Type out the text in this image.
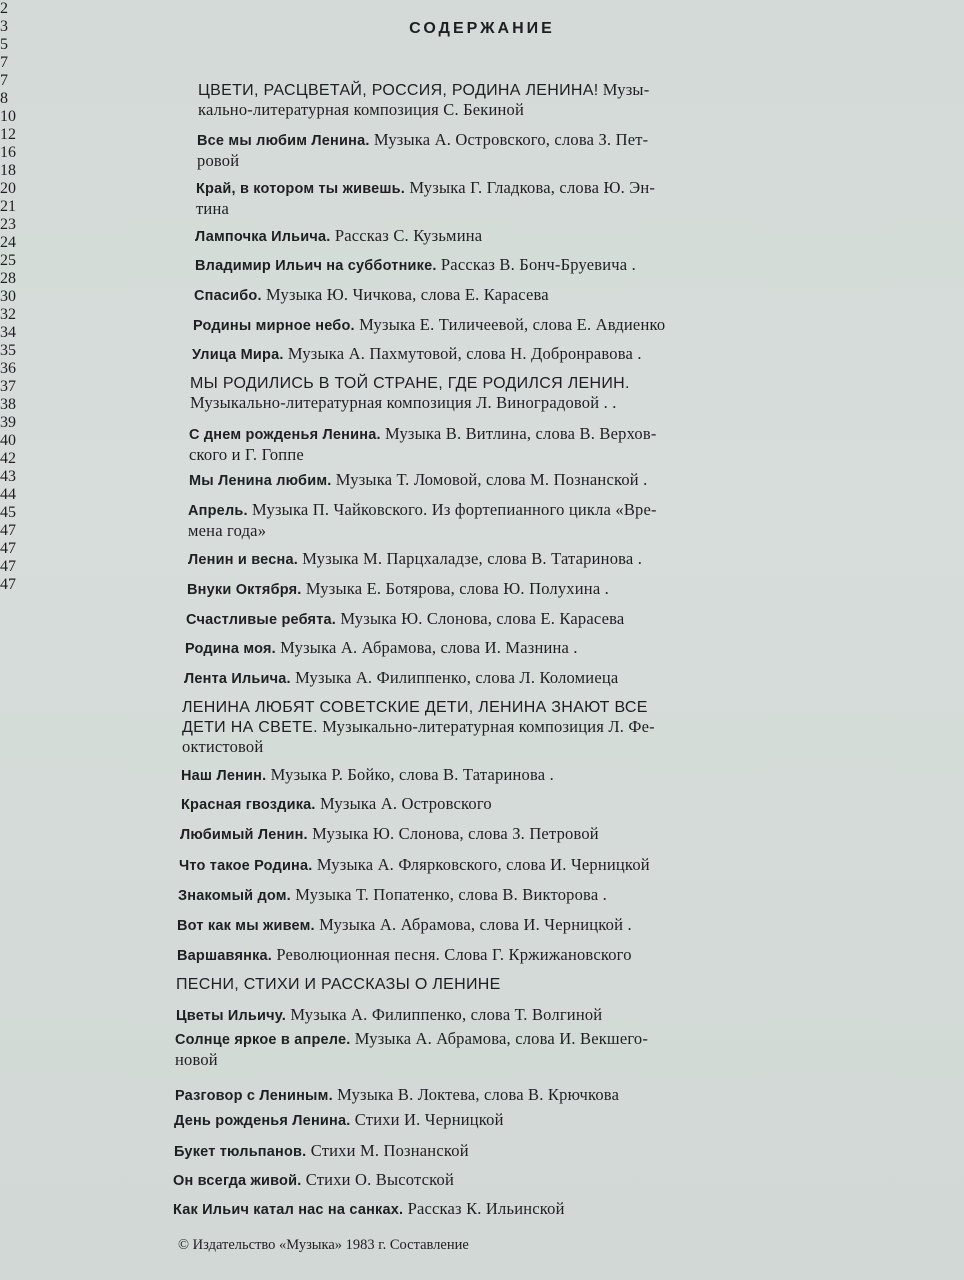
СОДЕРЖАНИЕ
ЦВЕТИ, РАСЦВЕТАЙ, РОССИЯ, РОДИНА ЛЕНИНА! Музы-
кально-литературная композиция С. Бекиной
2
Все мы любим Ленина. Музыка А. Островского, слова З. Пет-
ровой
3
Край, в котором ты живешь. Музыка Г. Гладкова, слова Ю. Эн-
тина
5
Лампочка Ильича. Рассказ С. Кузьмина
7
Владимир Ильич на субботнике. Рассказ В. Бонч-Бруевича .
7
Спасибо. Музыка Ю. Чичкова, слова Е. Карасева
8
Родины мирное небо. Музыка Е. Тиличеевой, слова Е. Авдиенко
10
Улица Мира. Музыка А. Пахмутовой, слова Н. Добронравова .
12
МЫ РОДИЛИСЬ В ТОЙ СТРАНЕ, ГДЕ РОДИЛСЯ ЛЕНИН.
Музыкально-литературная композиция Л. Виноградовой . .
16
С днем рожденья Ленина. Музыка В. Витлина, слова В. Верхов-
ского и Г. Гоппе
18
Мы Ленина любим. Музыка Т. Ломовой, слова М. Познанской .
20
Апрель. Музыка П. Чайковского. Из фортепианного цикла «Вре-
мена года»
21
Ленин и весна. Музыка М. Парцхаладзе, слова В. Татаринова .
23
Внуки Октября. Музыка Е. Ботярова, слова Ю. Полухина .
24
Счастливые ребята. Музыка Ю. Слонова, слова Е. Карасева
25
Родина моя. Музыка А. Абрамова, слова И. Мазнина .
28
Лента Ильича. Музыка А. Филиппенко, слова Л. Коломиеца
30
ЛЕНИНА ЛЮБЯТ СОВЕТСКИЕ ДЕТИ, ЛЕНИНА ЗНАЮТ ВСЕ
ДЕТИ НА СВЕТЕ. Музыкально-литературная композиция Л. Фе-
октистовой
32
Наш Ленин. Музыка Р. Бойко, слова В. Татаринова .
34
Красная гвоздика. Музыка А. Островского
35
Любимый Ленин. Музыка Ю. Слонова, слова З. Петровой
36
Что такое Родина. Музыка А. Флярковского, слова И. Черницкой
37
Знакомый дом. Музыка Т. Попатенко, слова В. Викторова .
38
Вот как мы живем. Музыка А. Абрамова, слова И. Черницкой .
39
Варшавянка. Революционная песня. Слова Г. Кржижановского
40
ПЕСНИ, СТИХИ И РАССКАЗЫ О ЛЕНИНЕ
42
Цветы Ильичу. Музыка А. Филиппенко, слова Т. Волгиной
43
Солнце яркое в апреле. Музыка А. Абрамова, слова И. Векшего-
новой
44
Разговор с Лениным. Музыка В. Локтева, слова В. Крючкова
45
День рожденья Ленина. Стихи И. Черницкой
47
Букет тюльпанов. Стихи М. Познанской
47
Он всегда живой. Стихи О. Высотской
47
Как Ильич катал нас на санках. Рассказ К. Ильинской
47
© Издательство «Музыка» 1983 г. Составление
